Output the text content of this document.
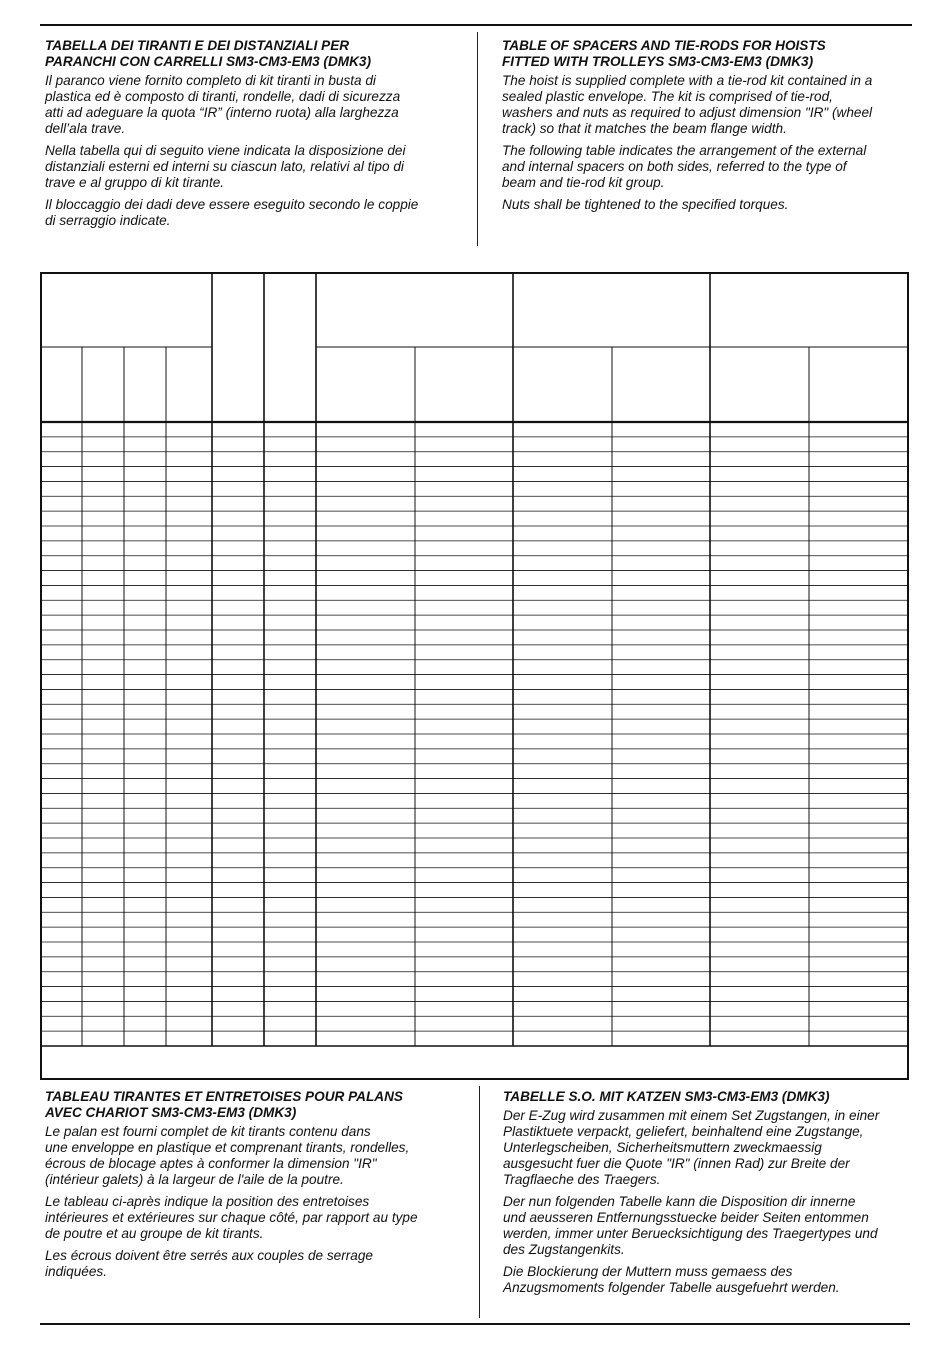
TABELLA DEI TIRANTI E DEI DISTANZIALI PER
PARANCHI CON CARRELLI SM3-CM3-EM3 (DMK3)

Il paranco viene fornito completo di kit tiranti in busta di
plastica ed è composto di tiranti, rondelle, dadi di sicurezza
atti ad adeguare la quota “IR” (interno ruota) alla larghezza
dell’ala trave.

Nella tabella qui di seguito viene indicata la disposizione dei
distanziali esterni ed interni su ciascun lato, relativi al tipo di
trave e al gruppo di kit tirante.

Il bloccaggio dei dadi deve essere eseguito secondo le coppie
di serraggio indicate.

TABLE OF SPACERS AND TIE-RODS FOR HOISTS
FITTED WITH TROLLEYS SM3-CM3-EM3 (DMK3)

The hoist is supplied complete with a tie-rod kit contained in a
sealed plastic envelope. The kit is comprised of tie-rod,
washers and nuts as required to adjust dimension "IR" (wheel
track) so that it matches the beam flange width.

The following table indicates the arrangement of the external
and internal spacers on both sides, referred to the type of
beam and tie-rod kit group.

Nuts shall be tightened to the specified torques.

TABLEAU TIRANTES ET ENTRETOISES POUR PALANS
AVEC CHARIOT SM3-CM3-EM3 (DMK3)

Le palan est fourni complet de kit tirants contenu dans
une enveloppe en plastique et comprenant tirants, rondelles,
écrous de blocage aptes à conformer la dimension "IR"
(intérieur galets) à la largeur de l'aile de la poutre.

Le tableau ci-après indique la position des entretoises
intérieures et extérieures sur chaque côté, par rapport au type
de poutre et au groupe de kit tirants.

Les écrous doivent être serrés aux couples de serrage
indiquées.

TABELLE S.O. MIT KATZEN SM3-CM3-EM3 (DMK3)

Der E-Zug wird zusammen mit einem Set Zugstangen, in einer
Plastiktuete verpackt, geliefert, beinhaltend eine Zugstange,
Unterlegscheiben, Sicherheitsmuttern zweckmaessig
ausgesucht fuer die Quote "IR" (innen Rad) zur Breite der
Tragflaeche des Traegers.

Der nun folgenden Tabelle kann die Disposition dir innerne
und aeusseren Entfernungsstuecke beider Seiten entommen
werden, immer unter Beruecksichtigung des Traegertypes und
des Zugstangenkits.

Die Blockierung der Muttern muss gemaess des
Anzugsmoments folgender Tabelle ausgefuehrt werden.
